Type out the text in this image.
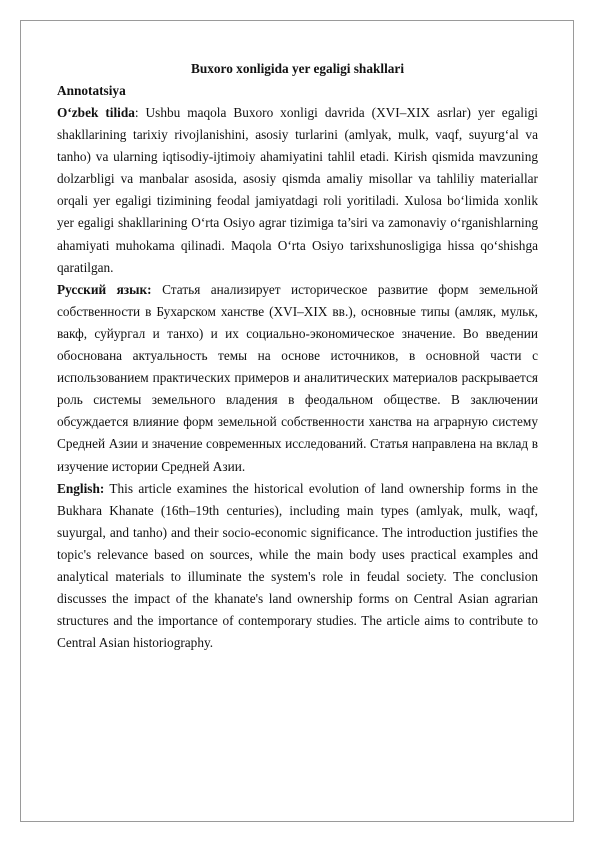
Buxoro xonligida yer egaligi shakllari

Annotatsiya

O‘zbek tilida: Ushbu maqola Buxoro xonligi davrida (XVI–XIX asrlar) yer egaligi shakllarining tarixiy rivojlanishini, asosiy turlarini (amlyak, mulk, vaqf, suyurg‘al va tanho) va ularning iqtisodiy-ijtimoiy ahamiyatini tahlil etadi. Kirish qismida mavzuning dolzarbligi va manbalar asosida, asosiy qismda amaliy misollar va tahliliy materiallar orqali yer egaligi tizimining feodal jamiyatdagi roli yoritiladi. Xulosa bo‘limida xonlik yer egaligi shakllarining O‘rta Osiyo agrar tizimiga ta’siri va zamonaviy o‘rganishlarning ahamiyati muhokama qilinadi. Maqola O‘rta Osiyo tarixshunosligiga hissa qo‘shishga qaratilgan.

Русский язык: Статья анализирует историческое развитие форм земельной собственности в Бухарском ханстве (XVI–XIX вв.), основные типы (амляк, мульк, вакф, суйургал и танхо) и их социально-экономическое значение. Во введении обоснована актуальность темы на основе источников, в основной части с использованием практических примеров и аналитических материалов раскрывается роль системы земельного владения в феодальном обществе. В заключении обсуждается влияние форм земельной собственности ханства на аграрную систему Средней Азии и значение современных исследований. Статья направлена на вклад в изучение истории Средней Азии.

English: This article examines the historical evolution of land ownership forms in the Bukhara Khanate (16th–19th centuries), including main types (amlyak, mulk, waqf, suyurgal, and tanho) and their socio-economic significance. The introduction justifies the topic's relevance based on sources, while the main body uses practical examples and analytical materials to illuminate the system's role in feudal society. The conclusion discusses the impact of the khanate's land ownership forms on Central Asian agrarian structures and the importance of contemporary studies. The article aims to contribute to Central Asian historiography.
